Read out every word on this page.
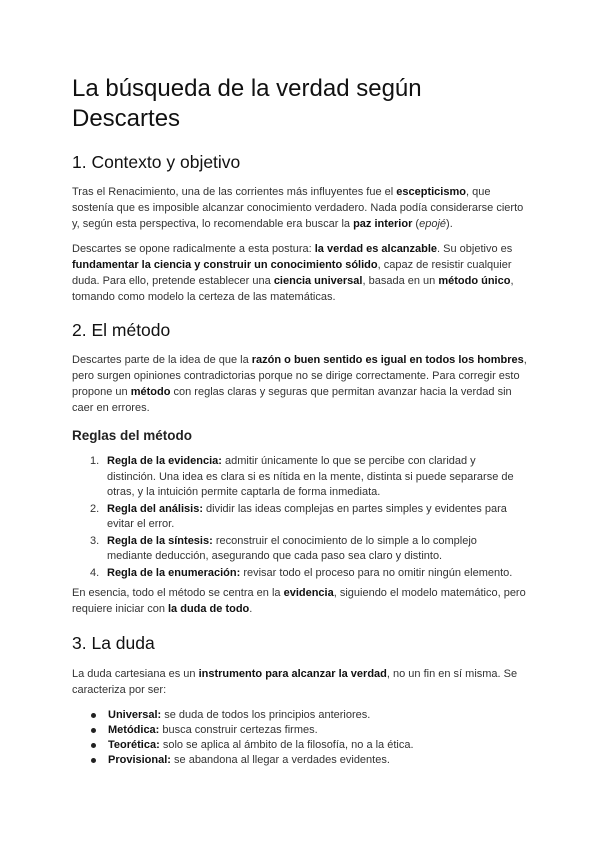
La búsqueda de la verdad según Descartes
1. Contexto y objetivo

Tras el Renacimiento, una de las corrientes más influyentes fue el escepticismo, que sostenía que es imposible alcanzar conocimiento verdadero. Nada podía considerarse cierto y, según esta perspectiva, lo recomendable era buscar la paz interior (epojé).

Descartes se opone radicalmente a esta postura: la verdad es alcanzable. Su objetivo es fundamentar la ciencia y construir un conocimiento sólido, capaz de resistir cualquier duda. Para ello, pretende establecer una ciencia universal, basada en un método único, tomando como modelo la certeza de las matemáticas.

2. El método

Descartes parte de la idea de que la razón o buen sentido es igual en todos los hombres, pero surgen opiniones contradictorias porque no se dirige correctamente. Para corregir esto propone un método con reglas claras y seguras que permitan avanzar hacia la verdad sin caer en errores.

Reglas del método
1. Regla de la evidencia: admitir únicamente lo que se percibe con claridad y distinción. Una idea es clara si es nítida en la mente, distinta si puede separarse de otras, y la intuición permite captarla de forma inmediata.
2. Regla del análisis: dividir las ideas complejas en partes simples y evidentes para evitar el error.
3. Regla de la síntesis: reconstruir el conocimiento de lo simple a lo complejo mediante deducción, asegurando que cada paso sea claro y distinto.
4. Regla de la enumeración: revisar todo el proceso para no omitir ningún elemento.

En esencia, todo el método se centra en la evidencia, siguiendo el modelo matemático, pero requiere iniciar con la duda de todo.

3. La duda

La duda cartesiana es un instrumento para alcanzar la verdad, no un fin en sí misma. Se caracteriza por ser:

Universal: se duda de todos los principios anteriores.
Metódica: busca construir certezas firmes.
Teorética: solo se aplica al ámbito de la filosofía, no a la ética.
Provisional: se abandona al llegar a verdades evidentes.
